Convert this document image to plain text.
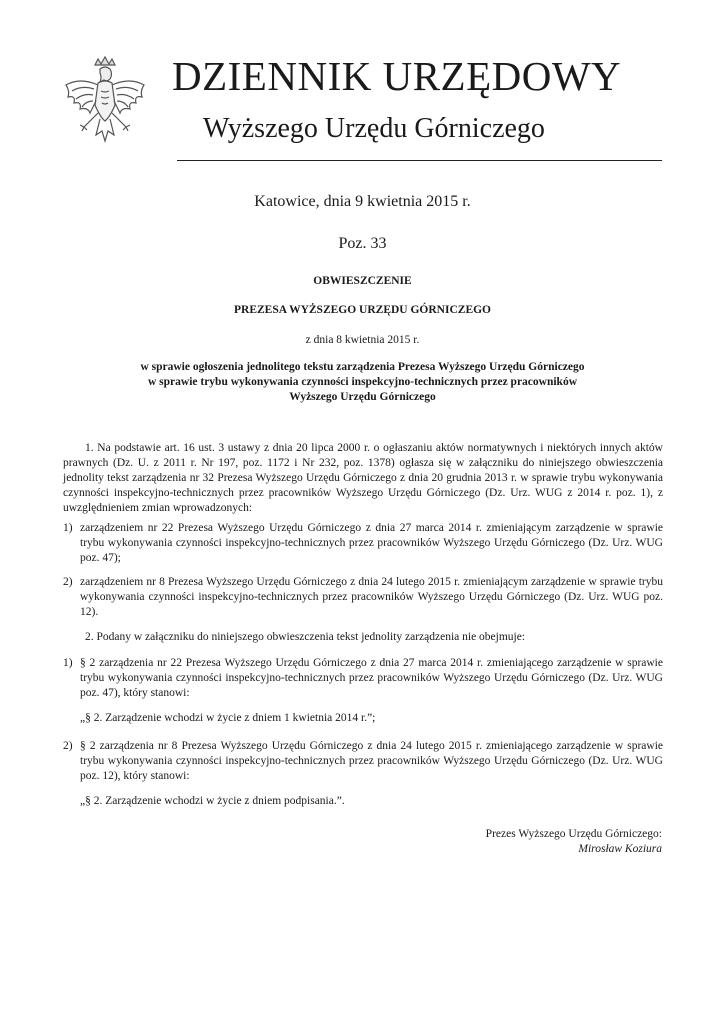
DZIENNIK URZĘDOWY
Wyższego Urzędu Górniczego
Katowice, dnia 9 kwietnia 2015 r.
Poz. 33
OBWIESZCZENIE
PREZESA WYŻSZEGO URZĘDU GÓRNICZEGO
z dnia 8 kwietnia 2015 r.
w sprawie ogłoszenia jednolitego tekstu zarządzenia Prezesa Wyższego Urzędu Górniczego
w sprawie trybu wykonywania czynności inspekcyjno-technicznych przez pracowników
Wyższego Urzędu Górniczego
1. Na podstawie art. 16 ust. 3 ustawy z dnia 20 lipca 2000 r. o ogłaszaniu aktów normatywnych i niektórych innych aktów prawnych (Dz. U. z 2011 r. Nr 197, poz. 1172 i Nr 232, poz. 1378) ogłasza się w załączniku do niniejszego obwieszczenia jednolity tekst zarządzenia nr 32 Prezesa Wyższego Urzędu Górniczego z dnia 20 grudnia 2013 r. w sprawie trybu wykonywania czynności inspekcyjno-technicznych przez pracowników Wyższego Urzędu Górniczego (Dz. Urz. WUG z 2014 r. poz. 1), z uwzględnieniem zmian wprowadzonych:
1) zarządzeniem nr 22 Prezesa Wyższego Urzędu Górniczego z dnia 27 marca 2014 r. zmieniającym zarządzenie w sprawie trybu wykonywania czynności inspekcyjno-technicznych przez pracowników Wyższego Urzędu Górniczego (Dz. Urz. WUG poz. 47);
2) zarządzeniem nr 8 Prezesa Wyższego Urzędu Górniczego z dnia 24 lutego 2015 r. zmieniającym zarządzenie w sprawie trybu wykonywania czynności inspekcyjno-technicznych przez pracowników Wyższego Urzędu Górniczego (Dz. Urz. WUG poz. 12).
2. Podany w załączniku do niniejszego obwieszczenia tekst jednolity zarządzenia nie obejmuje:
1) § 2 zarządzenia nr 22 Prezesa Wyższego Urzędu Górniczego z dnia 27 marca 2014 r. zmieniającego zarządzenie w sprawie trybu wykonywania czynności inspekcyjno-technicznych przez pracowników Wyższego Urzędu Górniczego (Dz. Urz. WUG poz. 47), który stanowi:
„§ 2. Zarządzenie wchodzi w życie z dniem 1 kwietnia 2014 r.”;
2) § 2 zarządzenia nr 8 Prezesa Wyższego Urzędu Górniczego z dnia 24 lutego 2015 r. zmieniającego zarządzenie w sprawie trybu wykonywania czynności inspekcyjno-technicznych przez pracowników Wyższego Urzędu Górniczego (Dz. Urz. WUG poz. 12), który stanowi:
„§ 2. Zarządzenie wchodzi w życie z dniem podpisania.”.
Prezes Wyższego Urzędu Górniczego:
Mirosław Koziura
